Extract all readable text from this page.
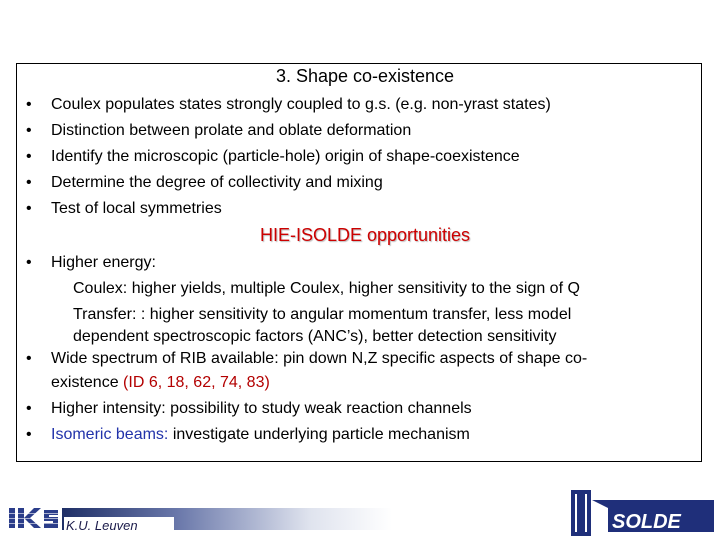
3. Shape co-existence
• Coulex populates states strongly coupled to g.s. (e.g. non-yrast states)
• Distinction between prolate and oblate deformation
• Identify the microscopic (particle-hole) origin of shape-coexistence
• Determine the degree of collectivity and mixing
• Test of local symmetries
HIE-ISOLDE opportunities
• Higher energy:
Coulex: higher yields, multiple Coulex, higher sensitivity to the sign of Q
Transfer: : higher sensitivity to angular momentum transfer, less model
dependent spectroscopic factors (ANC’s), better detection sensitivity
• Wide spectrum of RIB available: pin down N,Z specific aspects of shape co-
existence (ID 6, 18, 62, 74, 83)
• Higher intensity: possibility to study weak reaction channels
• Isomeric beams: investigate underlying particle mechanism
K.U. Leuven	SOLDE
